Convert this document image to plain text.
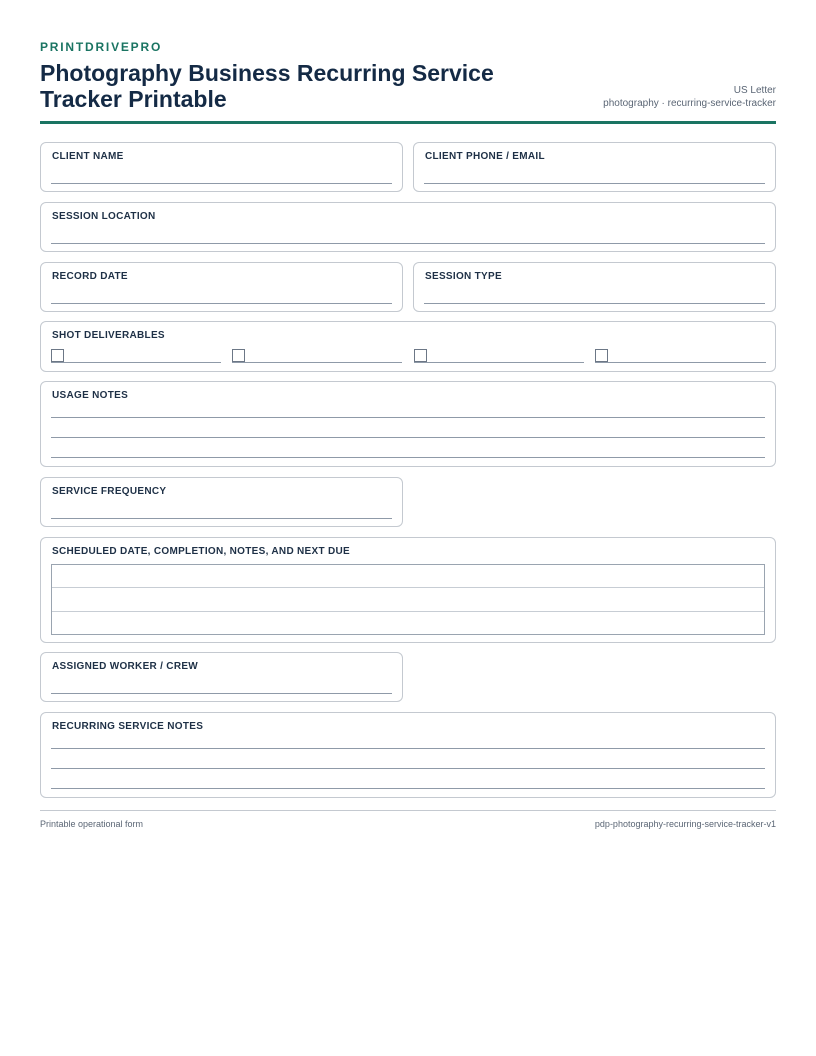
PRINTDRIVEPRO
Photography Business Recurring Service Tracker Printable	US Letter
photography · recurring-service-tracker
CLIENT NAME	CLIENT PHONE / EMAIL
SESSION LOCATION
RECORD DATE	SESSION TYPE
SHOT DELIVERABLES
USAGE NOTES
SERVICE FREQUENCY
SCHEDULED DATE, COMPLETION, NOTES, AND NEXT DUE
ASSIGNED WORKER / CREW
RECURRING SERVICE NOTES
Printable operational form	pdp-photography-recurring-service-tracker-v1
